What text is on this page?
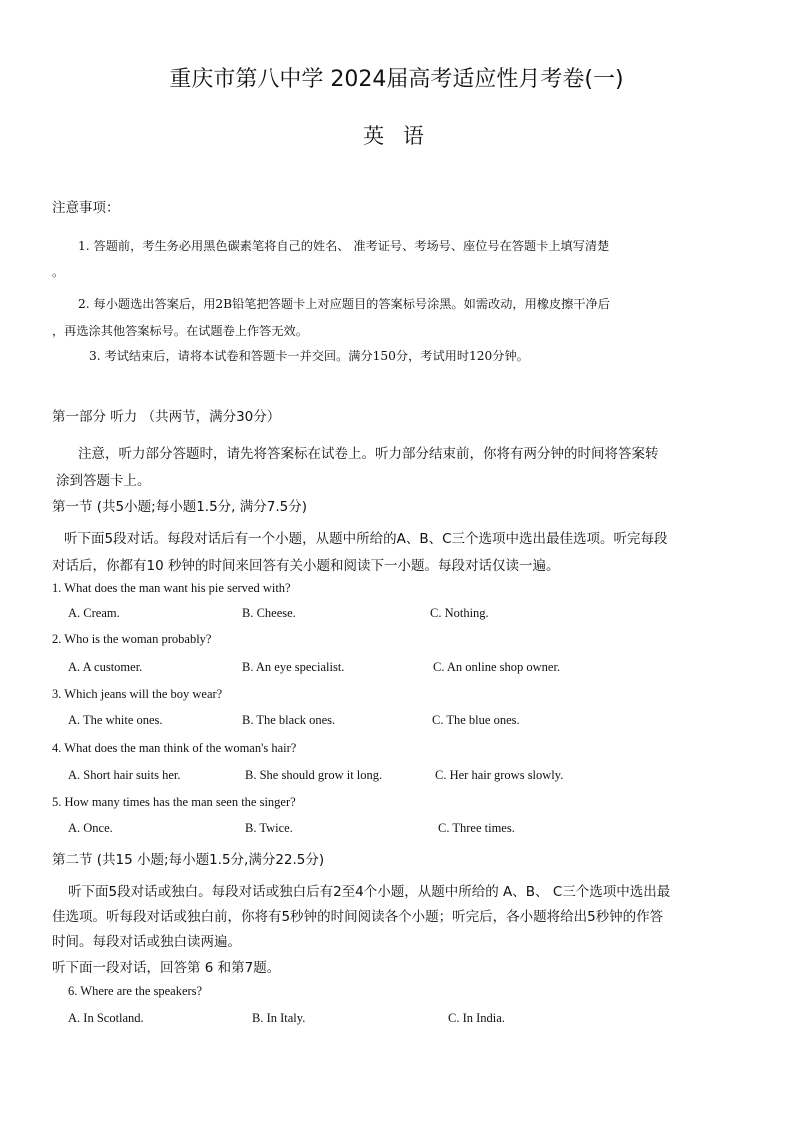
重庆市第八中学 2024届高考适应性月考卷(一)
英 语
注意事项：
1. 答题前，考生务必用黑色碳素笔将自己的姓名、 准考证号、考场号、座位号在答题卡上填写清楚
。
2. 每小题选出答案后，用2B铅笔把答题卡上对应题目的答案标号涂黑。如需改动，用橡皮擦干净后
，再选涂其他答案标号。在试题卷上作答无效。
3. 考试结束后，请将本试卷和答题卡一并交回。满分150分，考试用时120分钟。
第一部分 听力 （共两节，满分30分）
注意，听力部分答题时，请先将答案标在试卷上。听力部分结束前，你将有两分钟的时间将答案转
涂到答题卡上。
第一节 (共5小题;每小题1.5分, 满分7.5分)
听下面5段对话。每段对话后有一个小题，从题中所给的A、B、C三个选项中选出最佳选项。听完每段
对话后，你都有10 秒钟的时间来回答有关小题和阅读下一小题。每段对话仅读一遍。
1. What does the man want his pie served with?
A. Cream.	B. Cheese.	C. Nothing.
2. Who is the woman probably?
A. A customer.	B. An eye specialist.	C. An online shop owner.
3. Which jeans will the boy wear?
A. The white ones.	B. The black ones.	C. The blue ones.
4. What does the man think of the woman's hair?
A. Short hair suits her.	B. She should grow it long.	C. Her hair grows slowly.
5. How many times has the man seen the singer?
A. Once.	B. Twice.	C. Three times.
第二节 (共15 小题;每小题1.5分,满分22.5分)
听下面5段对话或独白。每段对话或独白后有2至4个小题，从题中所给的 A、B、 C三个选项中选出最
佳选项。听每段对话或独白前，你将有5秒钟的时间阅读各个小题；听完后，各小题将给出5秒钟的作答
时间。每段对话或独白读两遍。
听下面一段对话，回答第 6 和第7题。
6. Where are the speakers?
A. In Scotland.	B. In Italy.	C. In India.
